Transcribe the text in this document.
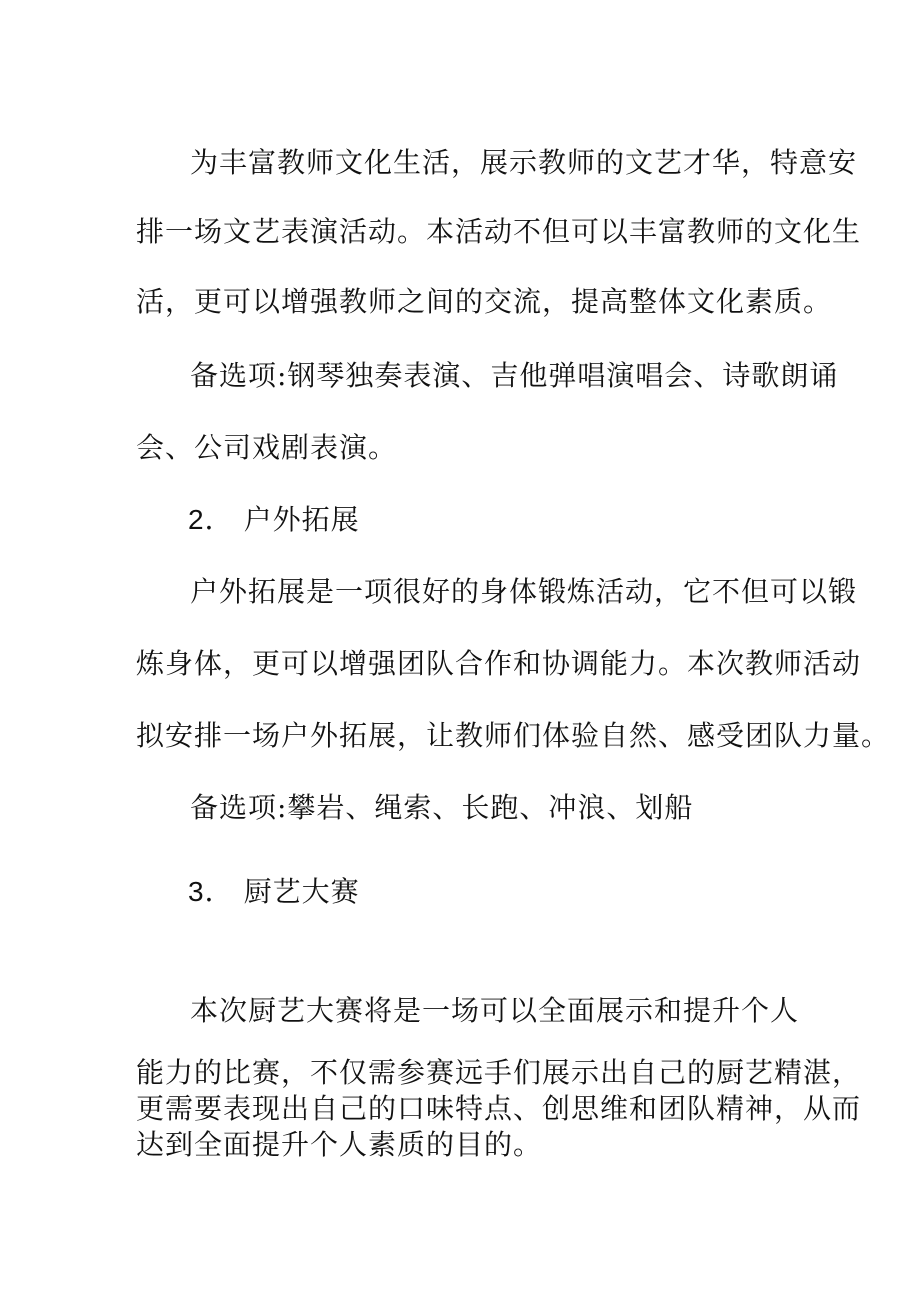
为丰富教师文化生活，展示教师的文艺才华，特意安
排一场文艺表演活动。本活动不但可以丰富教师的文化生
活，更可以增强教师之间的交流，提高整体文化素质。
备选项:钢琴独奏表演、吉他弹唱演唱会、诗歌朗诵
会、公司戏剧表演。
2． 户外拓展
户外拓展是一项很好的身体锻炼活动，它不但可以锻
炼身体，更可以增强团队合作和协调能力。本次教师活动
拟安排一场户外拓展，让教师们体验自然、感受团队力量。
备选项:攀岩、绳索、长跑、冲浪、划船
3． 厨艺大赛
本次厨艺大赛将是一场可以全面展示和提升个人
能力的比赛，不仅需参赛远手们展示出自己的厨艺精湛，
更需要表现出自己的口味特点、创思维和团队精神，从而
达到全面提升个人素质的目的。
